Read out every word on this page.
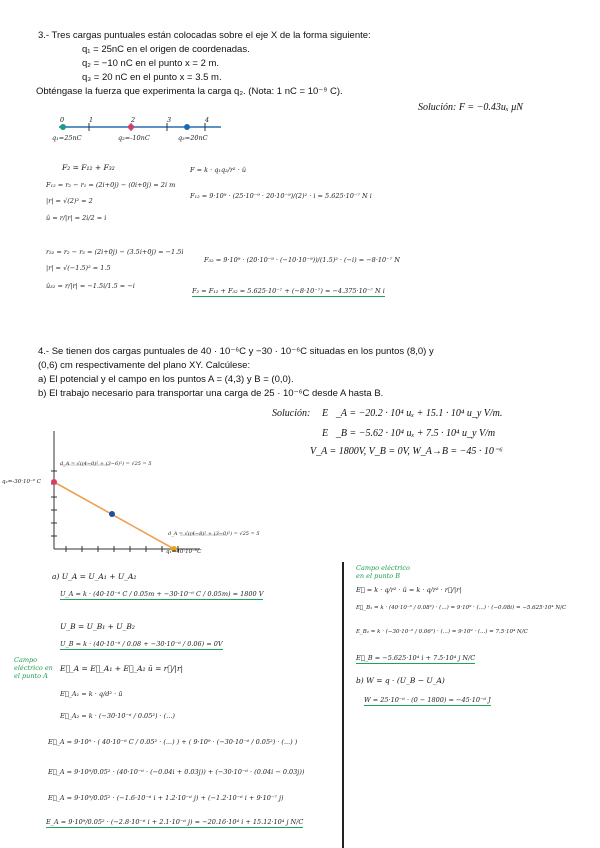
3.- Tres cargas puntuales están colocadas sobre el eje X de la forma siguiente:
q₁ = 25nC en el origen de coordenadas.
q₂ = −10 nC en el punto x = 2 m.
q₃ = 20 nC en el punto x = 3.5 m.
Obténgase la fuerza que experimenta la carga q₂. (Nota: 1 nC = 10⁻⁹ C).
Solución: F = −0.43uₓ μN
0	1	2	3	4
q₁=25nC	q₂=-10nC	q₃=20nC
F₂ = F₁₂ + F₃₂
F₁₂ = r₂ − r₁ = (2i+0j) − (0i+0j) = 2i m
|r| = √(2)² = 2
û = r/|r| = 2i/2 = i
r₃₂ = r₂ − r₃ = (2i+0j) − (3.5i+0j) = −1.5i
|r| = √(−1.5)² = 1.5
û₃₂ = r/|r| = −1.5i/1.5 = −i
F = k · q₁q₂/r² · û
F₁₂ = 9·10⁹ · (25·10⁻⁹ · 20·10⁻⁹)/(2)² · i = 5.625·10⁻⁷ N i
F₃₂ = 9·10⁹ · (20·10⁻⁹ · (−10·10⁻⁹))/(1.5)² · (−i) = −8·10⁻⁷ N
F₂ = F₁₂ + F₃₂ = 5.625·10⁻⁷ + (−8·10⁻⁷) = −4.375·10⁻⁷ N i
4.- Se tienen dos cargas puntuales de 40 · 10⁻⁶C y −30 · 10⁻⁶C situadas en los puntos (8,0) y
(0,6) cm respectivamente del plano XY. Calcúlese:
a) El potencial y el campo en los puntos A = (4,3) y B = (0,0).
b) El trabajo necesario para transportar una carga de 25 · 10⁻⁶C desde A hasta B.
Solución: E⃗_A = −20.2 · 10⁴ uₓ + 15.1 · 10⁴ u_y V/m.
E⃗_B = −5.62 · 10⁴ uₓ + 7.5 · 10⁴ u_y V/m
V_A = 1800V, V_B = 0V, W_A→B = −45 · 10⁻⁶
q₂=-30·10⁻⁶ C
q₁=40·10⁻⁶C
d_A = √((4−0)² + (3−6)²) = √25 = 5
d_A = √((4−8)² + (3−0)²) = √25 = 5
a) U_A = U_A₁ + U_A₂
U_A = k · (40·10⁻⁶ C / 0.05m + −30·10⁻⁶ C / 0.05m) = 1800 V
U_B = U_B₁ + U_B₂
U_B = k · (40·10⁻⁶ / 0.08 + −30·10⁻⁶ / 0.06) = 0V
Campo eléctrico en el punto A
E⃗_A = E⃗_A₁ + E⃗_A₂ ū = r⃗/|r|
E⃗_A₁ = k · q/d² · ū
E⃗_A₂ = k · (−30·10⁻⁶ / 0.05²) · (...)
E⃗_A = 9·10⁹ · ( 40·10⁻⁶ C / 0.05² · (...) ) + ( 9·10⁹ · (−30·10⁻⁶ / 0.05²) · (...) )
E⃗_A = 9·10⁹/0.05² · (40·10⁻⁶ · (−0.04i + 0.03j)) + (−30·10⁻⁶ · (0.04i − 0.03j))
E⃗_A = 9·10⁹/0.05² · (−1.6·10⁻⁶ i + 1.2·10⁻⁶ j) + (−1.2·10⁻⁶ i + 9·10⁻⁷ j)
E_A = 9·10⁹/0.05² · (−2.8·10⁻⁶ i + 2.1·10⁻⁶ j) = −20.16·10⁴ i + 15.12·10⁴ j N/C
Campo eléctrico en el punto B
E⃗ = k · q/r² · û = k · q/r² · r⃗/|r|
E⃗_B₁ = k · (40·10⁻⁶ / 0.08²) · (...) = 9·10⁹ · (...) · (−0.08i) = −5.625·10⁴ N/C
E_B₂ = k · (−30·10⁻⁶ / 0.06²) · (...) = 9·10⁹ · (...) = 7.5·10⁴ N/C
E⃗_B = −5.625·10⁴ i + 7.5·10⁴ j N/C
b) W = q · (U_B − U_A)
W = 25·10⁻⁶ · (0 − 1800) = −45·10⁻⁶ J
